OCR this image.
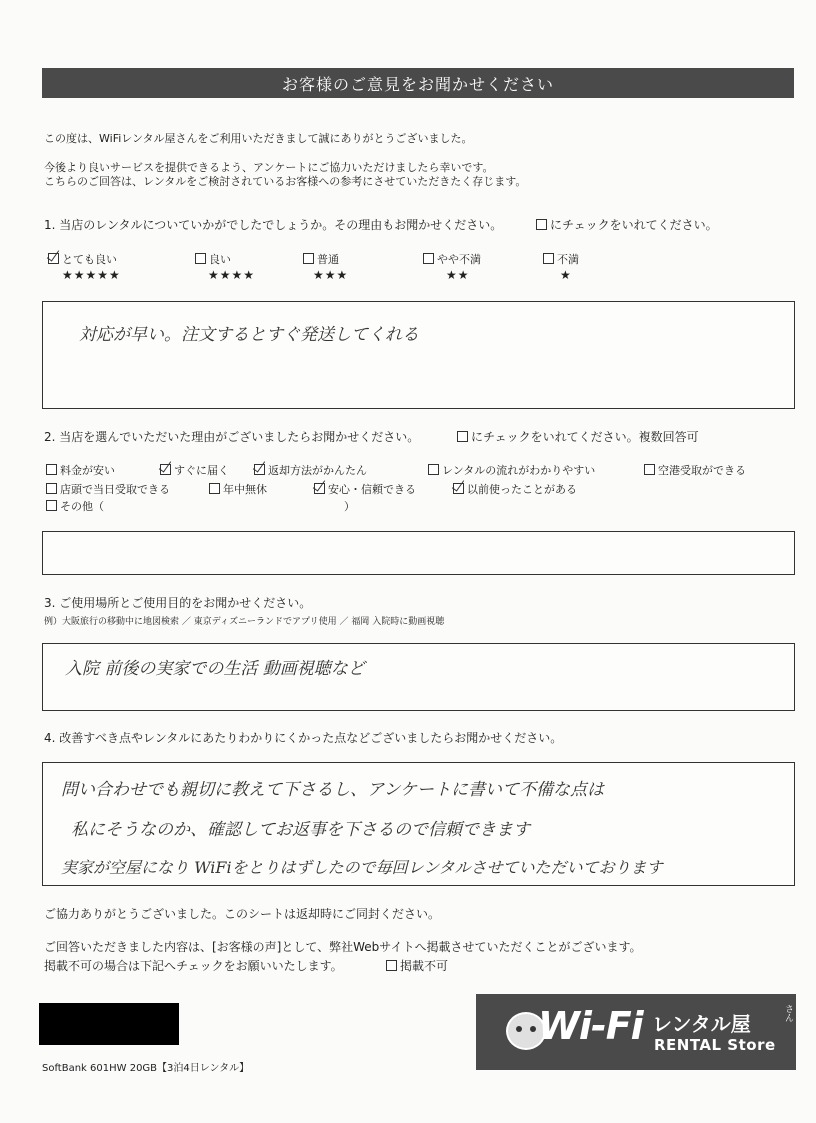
お客様のご意見をお聞かせください
この度は、WiFiレンタル屋さんをご利用いただきまして誠にありがとうございました。
今後より良いサービスを提供できるよう、アンケートにご協力いただけましたら幸いです。
こちらのご回答は、レンタルをご検討されているお客様への参考にさせていただきたく存じます。
1. 当店のレンタルについていかがでしたでしょうか。その理由もお聞かせください。	にチェックをいれてください。
とても良い
★★★★★
良い
★★★★
普通
★★★
やや不満
★★
不満
★
対応が早い。注文するとすぐ発送してくれる
2. 当店を選んでいただいた理由がございましたらお聞かせください。	にチェックをいれてください。複数回答可
料金が安い	すぐに届く	返却方法がかんたん	レンタルの流れがわかりやすい	空港受取ができる
店頭で当日受取できる	年中無休	安心・信頼できる	以前使ったことがある
その他（	）
3. ご使用場所とご使用目的をお聞かせください。
例）大阪旅行の移動中に地図検索 ／ 東京ディズニーランドでアプリ使用 ／ 福岡 入院時に動画視聴
入院 前後の実家での生活 動画視聴など
4. 改善すべき点やレンタルにあたりわかりにくかった点などございましたらお聞かせください。
問い合わせでも親切に教えて下さるし、アンケートに書いて不備な点は
私にそうなのか、確認してお返事を下さるので信頼できます
実家が空屋になり WiFiをとりはずしたので毎回レンタルさせていただいております
ご協力ありがとうございました。このシートは返却時にご同封ください。
ご回答いただきました内容は、[お客様の声]として、弊社Webサイトへ掲載させていただくことがございます。
掲載不可の場合は下記へチェックをお願いいたします。	掲載不可
SoftBank 601HW 20GB【3泊4日レンタル】
Wi-Fi レンタル屋	さん
RENTAL Store
